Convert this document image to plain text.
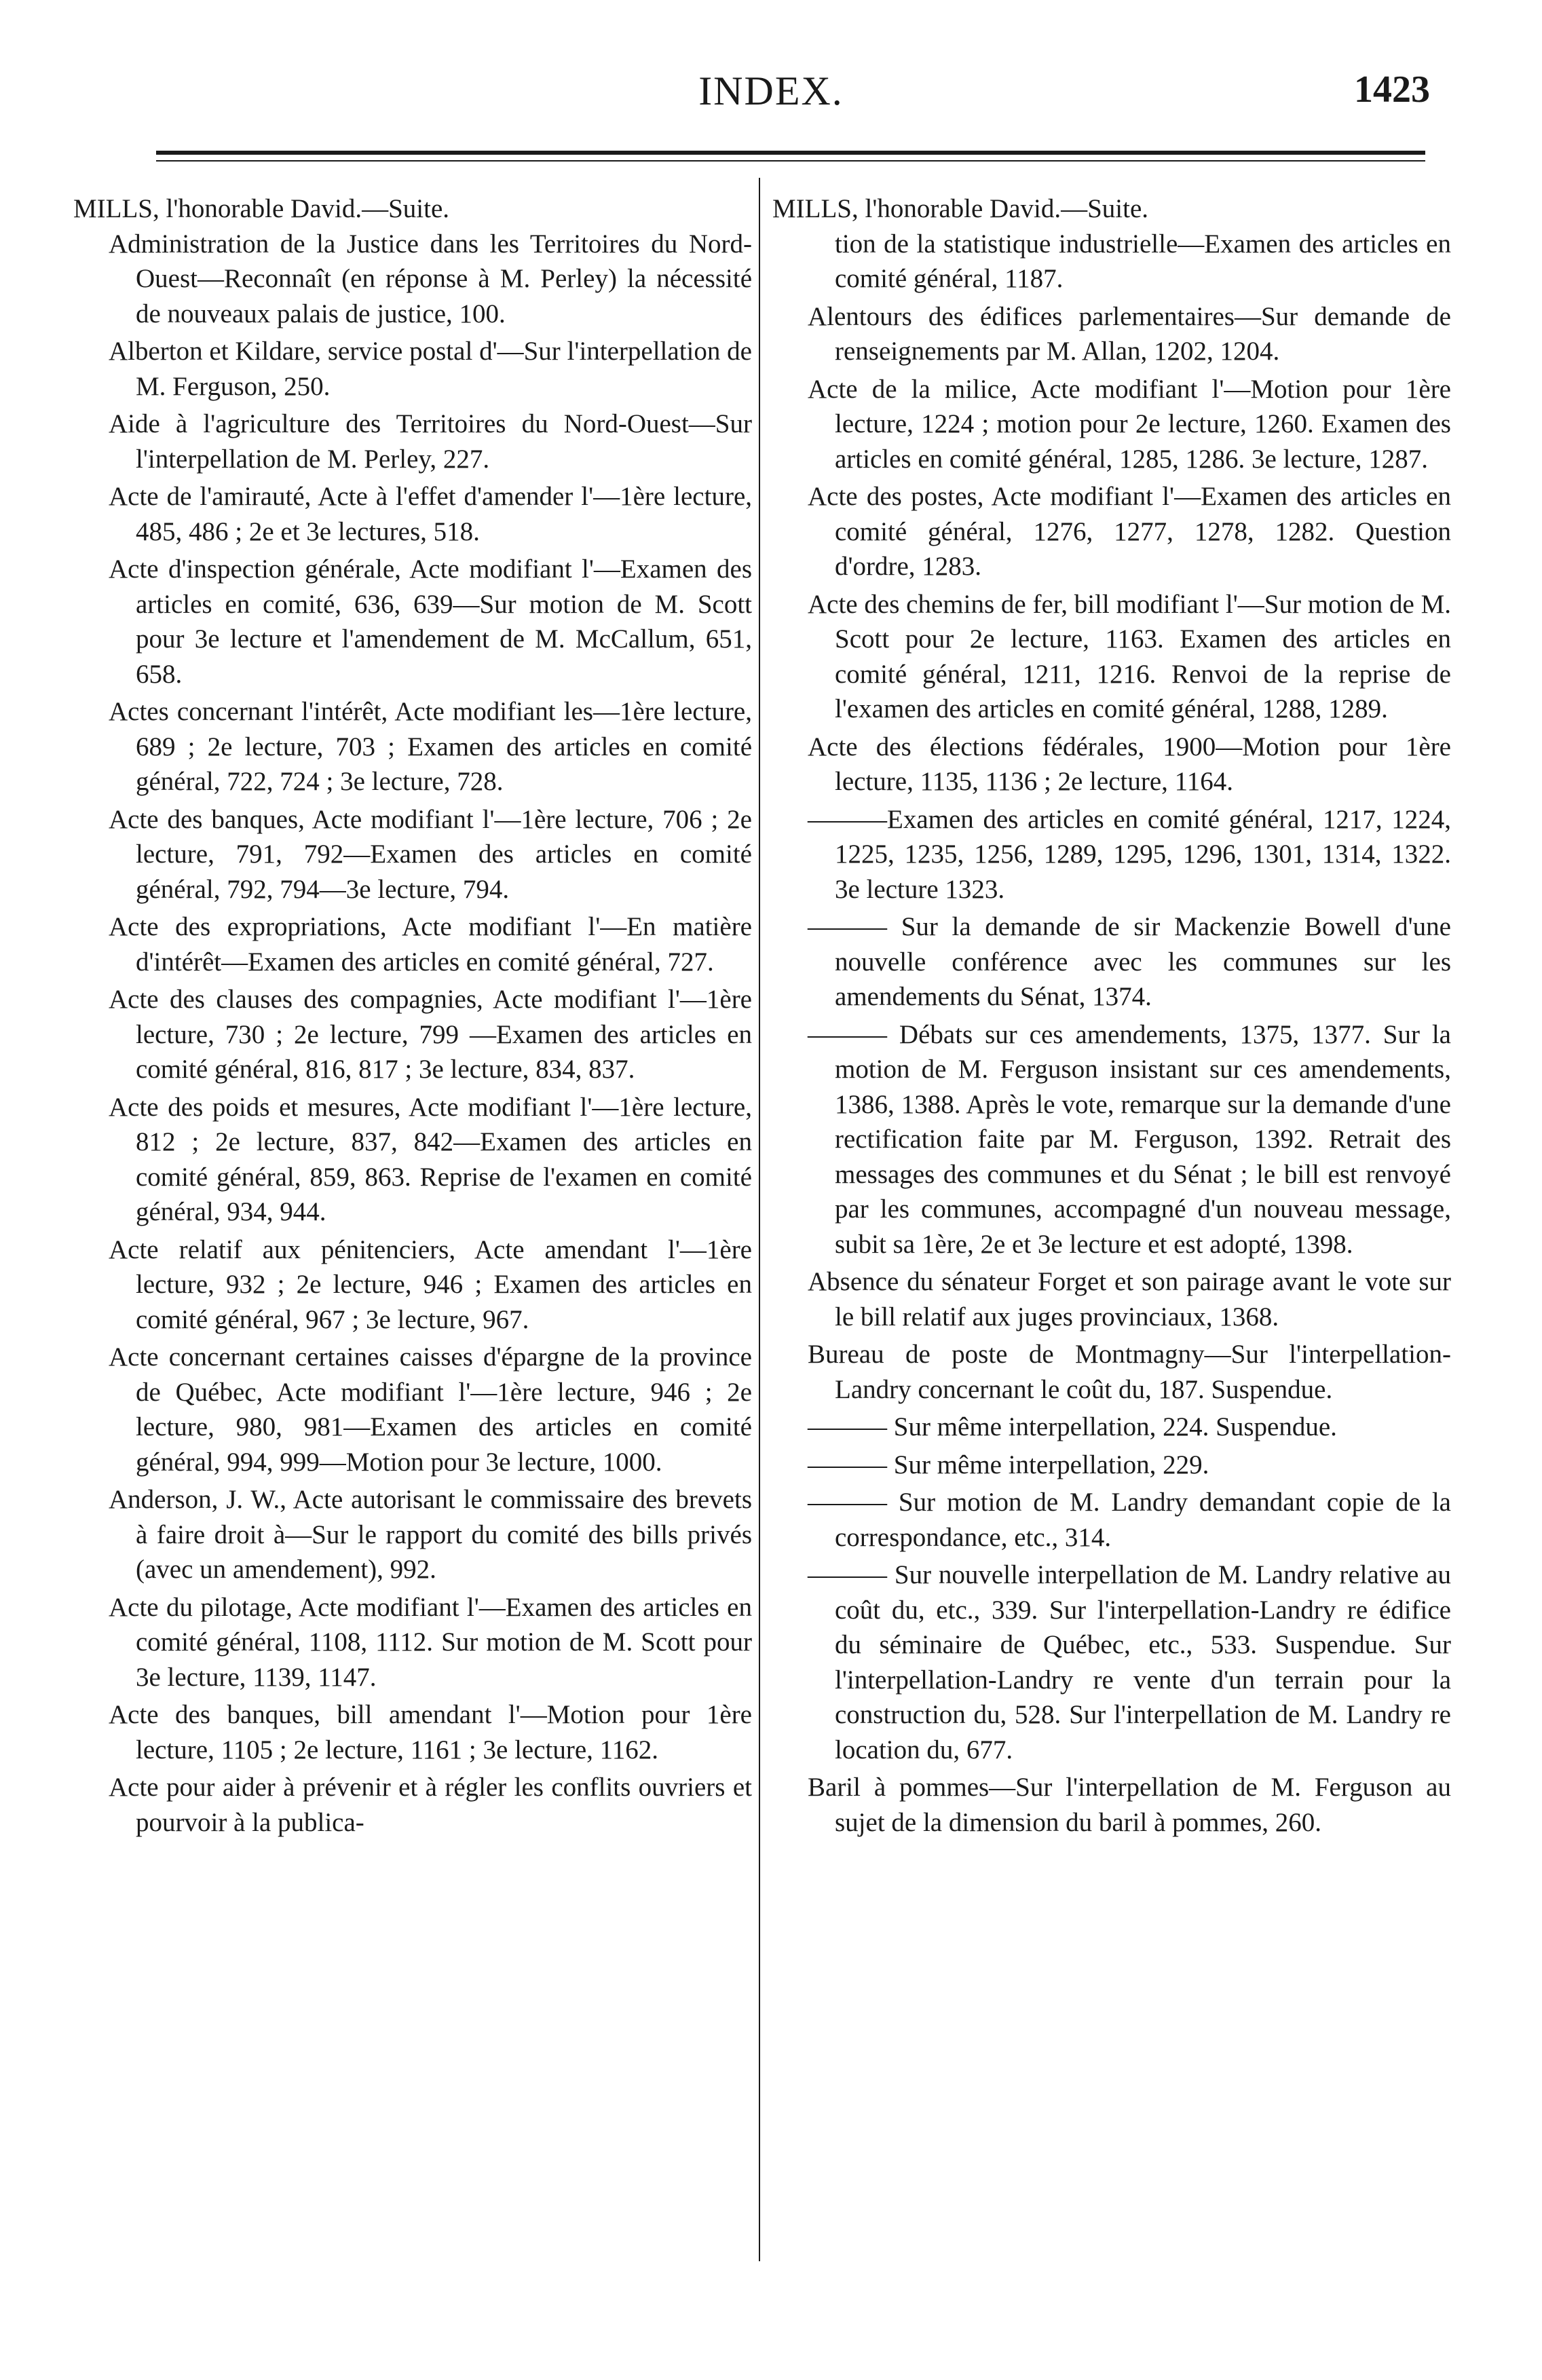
INDEX.	1423
MILLS, l'honorable David.—Suite.
Administration de la Justice dans les Territoires du Nord-Ouest—Reconnaît (en réponse à M. Perley) la nécessité de nouveaux palais de justice, 100.
Alberton et Kildare, service postal d'—Sur l'interpellation de M. Ferguson, 250.
Aide à l'agriculture des Territoires du Nord-Ouest—Sur l'interpellation de M. Perley, 227.
Acte de l'amirauté, Acte à l'effet d'amender l'—1ère lecture, 485, 486 ; 2e et 3e lectures, 518.
Acte d'inspection générale, Acte modifiant l'—Examen des articles en comité, 636, 639—Sur motion de M. Scott pour 3e lecture et l'amendement de M. McCallum, 651, 658.
Actes concernant l'intérêt, Acte modifiant les—1ère lecture, 689 ; 2e lecture, 703 ; Examen des articles en comité général, 722, 724 ; 3e lecture, 728.
Acte des banques, Acte modifiant l'—1ère lecture, 706 ; 2e lecture, 791, 792—Examen des articles en comité général, 792, 794—3e lecture, 794.
Acte des expropriations, Acte modifiant l'—En matière d'intérêt—Examen des articles en comité général, 727.
Acte des clauses des compagnies, Acte modifiant l'—1ère lecture, 730 ; 2e lecture, 799 —Examen des articles en comité général, 816, 817 ; 3e lecture, 834, 837.
Acte des poids et mesures, Acte modifiant l'—1ère lecture, 812 ; 2e lecture, 837, 842—Examen des articles en comité général, 859, 863. Reprise de l'examen en comité général, 934, 944.
Acte relatif aux pénitenciers, Acte amendant l'—1ère lecture, 932 ; 2e lecture, 946 ; Examen des articles en comité général, 967 ; 3e lecture, 967.
Acte concernant certaines caisses d'épargne de la province de Québec, Acte modifiant l'—1ère lecture, 946 ; 2e lecture, 980, 981—Examen des articles en comité général, 994, 999—Motion pour 3e lecture, 1000.
Anderson, J. W., Acte autorisant le commissaire des brevets à faire droit à—Sur le rapport du comité des bills privés (avec un amendement), 992.
Acte du pilotage, Acte modifiant l'—Examen des articles en comité général, 1108, 1112. Sur motion de M. Scott pour 3e lecture, 1139, 1147.
Acte des banques, bill amendant l'—Motion pour 1ère lecture, 1105 ; 2e lecture, 1161 ; 3e lecture, 1162.
Acte pour aider à prévenir et à régler les conflits ouvriers et pourvoir à la publica-
MILLS, l'honorable David.—Suite.
tion de la statistique industrielle—Examen des articles en comité général, 1187.
Alentours des édifices parlementaires—Sur demande de renseignements par M. Allan, 1202, 1204.
Acte de la milice, Acte modifiant l'—Motion pour 1ère lecture, 1224 ; motion pour 2e lecture, 1260. Examen des articles en comité général, 1285, 1286. 3e lecture, 1287.
Acte des postes, Acte modifiant l'—Examen des articles en comité général, 1276, 1277, 1278, 1282. Question d'ordre, 1283.
Acte des chemins de fer, bill modifiant l'—Sur motion de M. Scott pour 2e lecture, 1163. Examen des articles en comité général, 1211, 1216. Renvoi de la reprise de l'examen des articles en comité général, 1288, 1289.
Acte des élections fédérales, 1900—Motion pour 1ère lecture, 1135, 1136 ; 2e lecture, 1164.
———Examen des articles en comité général, 1217, 1224, 1225, 1235, 1256, 1289, 1295, 1296, 1301, 1314, 1322. 3e lecture 1323.
——— Sur la demande de sir Mackenzie Bowell d'une nouvelle conférence avec les communes sur les amendements du Sénat, 1374.
——— Débats sur ces amendements, 1375, 1377. Sur la motion de M. Ferguson insistant sur ces amendements, 1386, 1388. Après le vote, remarque sur la demande d'une rectification faite par M. Ferguson, 1392. Retrait des messages des communes et du Sénat ; le bill est renvoyé par les communes, accompagné d'un nouveau message, subit sa 1ère, 2e et 3e lecture et est adopté, 1398.
Absence du sénateur Forget et son pairage avant le vote sur le bill relatif aux juges provinciaux, 1368.
Bureau de poste de Montmagny—Sur l'interpellation-Landry concernant le coût du, 187. Suspendue.
——— Sur même interpellation, 224. Suspendue.
——— Sur même interpellation, 229.
——— Sur motion de M. Landry demandant copie de la correspondance, etc., 314.
——— Sur nouvelle interpellation de M. Landry relative au coût du, etc., 339. Sur l'interpellation-Landry re édifice du séminaire de Québec, etc., 533. Suspendue. Sur l'interpellation-Landry re vente d'un terrain pour la construction du, 528. Sur l'interpellation de M. Landry re location du, 677.
Baril à pommes—Sur l'interpellation de M. Ferguson au sujet de la dimension du baril à pommes, 260.
